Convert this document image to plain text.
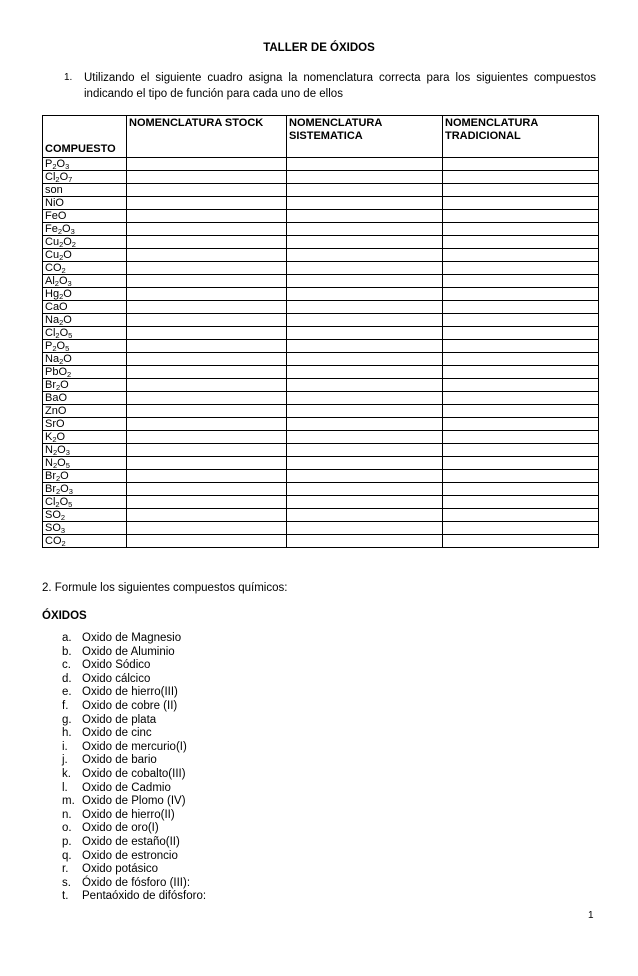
TALLER DE ÓXIDOS
1. Utilizando el siguiente cuadro asigna la nomenclatura correcta para los siguientes compuestos indicando el tipo de función para cada uno de ellos
COMPUESTO	NOMENCLATURA STOCK	NOMENCLATURA SISTEMATICA	NOMENCLATURA TRADICIONAL
$P_2O_3$			
$Cl_2O_7$			
son			
NiO			
FeO			
$Fe_2O_3$			
$Cu_2O_2$			
$Cu_2O$			
$CO_2$			
$Al_2O_3$			
$Hg_2O$			
CaO			
$Na_2O$			
$Cl_2O_5$			
$P_2O_5$			
$Na_2O$			
PbO$_2$			
$Br_2O$			
BaO			
ZnO			
SrO			
$K_2O$			
$N_2O_3$			
$N_2O_5$			
$Br_2O$			
$Br_2O_3$			
$Cl_2O_5$			
$SO_2$			
$SO_3$			
$CO_2$			
2. Formule los siguientes compuestos químicos:
ÓXIDOS
a. Oxido de Magnesio
b. Oxido de Aluminio
c. Oxido Sódico
d. Oxido cálcico
e. Oxido de hierro(III)
f. Oxido de cobre (II)
g. Oxido de plata
h. Oxido de cinc
i. Oxido de mercurio(I)
j. Oxido de bario
k. Oxido de cobalto(III)
l. Oxido de Cadmio
m. Oxido de Plomo (IV)
n. Oxido de hierro(II)
o. Oxido de oro(I)
p. Oxido de estaño(II)
q. Oxido de estroncio
r. Oxido potásico
s. Óxido de fósforo (III):
t. Pentaóxido de difósforo:
1
